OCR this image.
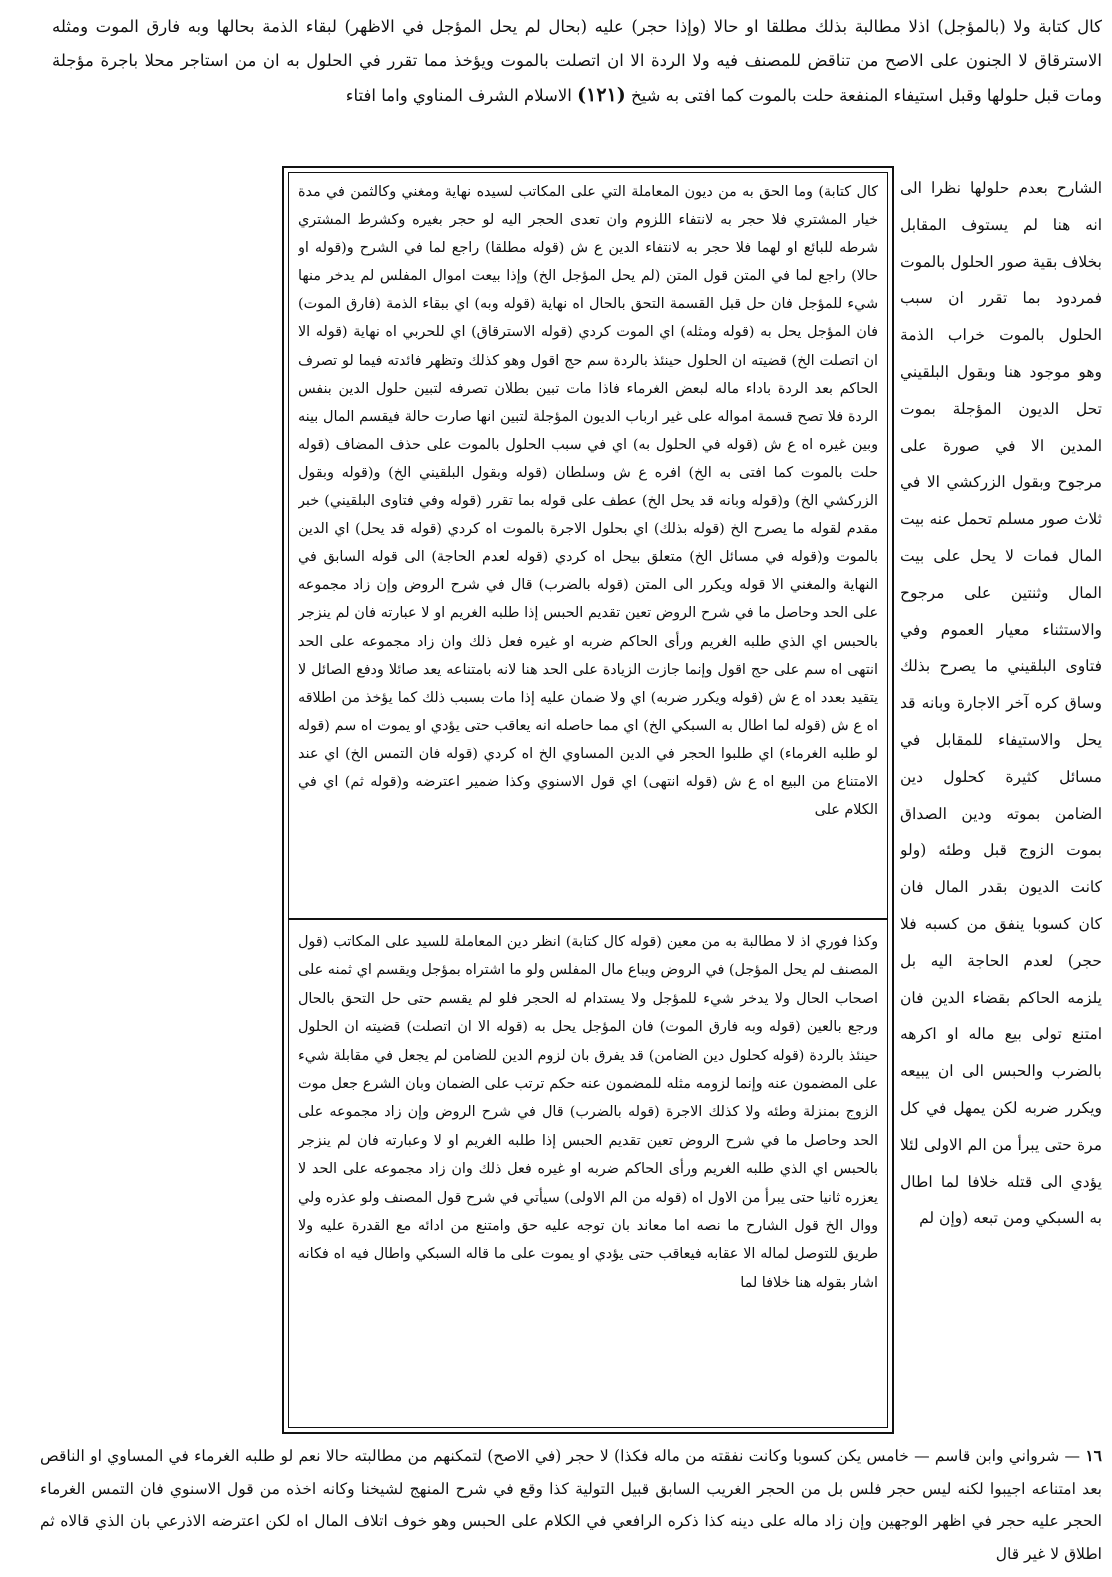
كال كتابة ولا (بالمؤجل) اذلا مطالبة بذلك مطلقا او حالا (وإذا حجر) عليه (بحال لم يحل المؤجل في الاظهر) لبقاء الذمة بحالها وبه فارق الموت ومثله الاسترقاق لا الجنون على الاصح من تناقض للمصنف فيه ولا الردة الا ان اتصلت بالموت ويؤخذ مما تقرر في الحلول به ان من استاجر محلا باجرة مؤجلة ومات قبل حلولها وقبل استيفاء المنفعة حلت بالموت كما افتى به شيخ (١٢١) الاسلام الشرف المناوي واما افتاء

الشارح بعدم حلولها نظرا الى انه هنا لم يستوف المقابل بخلاف بقية صور الحلول بالموت فمردود بما تقرر ان سبب الحلول بالموت خراب الذمة وهو موجود هنا وبقول البلقيني تحل الديون المؤجلة بموت المدين الا في صورة على مرجوح وبقول الزركشي الا في ثلاث صور مسلم تحمل عنه بيت المال فمات لا يحل على بيت المال وثنتين على مرجوح والاستثناء معيار العموم وفي فتاوى البلقيني ما يصرح بذلك وساق كره آخر الاجارة وبانه قد يحل والاستيفاء للمقابل في مسائل كثيرة كحلول دين الضامن بموته ودين الصداق بموت الزوج قبل وطئه (ولو كانت الديون بقدر المال فان كان كسوبا ينفق من كسبه فلا حجر) لعدم الحاجة اليه بل يلزمه الحاكم بقضاء الدين فان امتنع تولى بيع ماله او اكرهه بالضرب والحبس الى ان يبيعه ويكرر ضربه لكن يمهل في كل مرة حتى يبرأ من الم الاولى لئلا يؤدي الى قتله خلافا لما اطال به السبكي ومن تبعه (وإن لم

كال كتابة) وما الحق به من ديون المعاملة التي على المكاتب لسيده نهاية ومغني وكالثمن في مدة خيار المشتري فلا حجر به لانتفاء اللزوم وان تعدى الحجر اليه لو حجر بغيره وكشرط المشتري شرطه للبائع او لهما فلا حجر به لانتفاء الدين ع ش (قوله مطلقا) راجع لما في الشرح و(قوله او حالا) راجع لما في المتن قول المتن (لم يحل المؤجل الخ) وإذا بيعت اموال المفلس لم يدخر منها شيء للمؤجل فان حل قبل القسمة التحق بالحال اه نهاية (قوله وبه) اي ببقاء الذمة (فارق الموت) فان المؤجل يحل به (قوله ومثله) اي الموت كردي (قوله الاسترقاق) اي للحربي اه نهاية (قوله الا ان اتصلت الخ) قضيته ان الحلول حينئذ بالردة سم حج اقول وهو كذلك وتظهر فائدته فيما لو تصرف الحاكم بعد الردة باداء ماله لبعض الغرماء فاذا مات تبين بطلان تصرفه لتبين حلول الدين بنفس الردة فلا تصح قسمة امواله على غير ارباب الديون المؤجلة لتبين انها صارت حالة فيقسم المال بينه وبين غيره اه ع ش (قوله في الحلول به) اي في سبب الحلول بالموت على حذف المضاف (قوله حلت بالموت كما افتى به الخ) افره ع ش وسلطان (قوله وبقول البلقيني الخ) و(قوله وبقول الزركشي الخ) و(قوله وبانه قد يحل الخ) عطف على قوله بما تقرر (قوله وفي فتاوى البلقيني) خبر مقدم لقوله ما يصرح الخ (قوله بذلك) اي بحلول الاجرة بالموت اه كردي (قوله قد يحل) اي الدين بالموت و(قوله في مسائل الخ) متعلق بيحل اه كردي (قوله لعدم الحاجة) الى قوله السابق في النهاية والمغني الا قوله ويكرر الى المتن (قوله بالضرب) قال في شرح الروض وإن زاد مجموعه على الحد وحاصل ما في شرح الروض تعين تقديم الحبس إذا طلبه الغريم او لا عبارته فان لم ينزجر بالحبس اي الذي طلبه الغريم ورأى الحاكم ضربه او غيره فعل ذلك وان زاد مجموعه على الحد انتهى اه سم على حج اقول وإنما جازت الزيادة على الحد هنا لانه بامتناعه يعد صائلا ودفع الصائل لا يتقيد بعدد اه ع ش (قوله ويكرر ضربه) اي ولا ضمان عليه إذا مات بسبب ذلك كما يؤخذ من اطلاقه اه ع ش (قوله لما اطال به السبكي الخ) اي مما حاصله انه يعاقب حتى يؤدي او يموت اه سم (قوله لو طلبه الغرماء) اي طلبوا الحجر في الدين المساوي الخ اه كردي (قوله فان التمس الخ) اي عند الامتناع من البيع اه ع ش (قوله انتهى) اي قول الاسنوي وكذا ضمير اعترضه و(قوله ثم) اي في الكلام على

وكذا فوري اذ لا مطالبة به من معين (قوله كال كتابة) انظر دين المعاملة للسيد على المكاتب (قول المصنف لم يحل المؤجل) في الروض ويباع مال المفلس ولو ما اشتراه بمؤجل ويقسم اي ثمنه على اصحاب الحال ولا يدخر شيء للمؤجل ولا يستدام له الحجر فلو لم يقسم حتى حل التحق بالحال ورجع بالعين (قوله وبه فارق الموت) فان المؤجل يحل به (قوله الا ان اتصلت) قضيته ان الحلول حينئذ بالردة (قوله كحلول دين الضامن) قد يفرق بان لزوم الدين للضامن لم يجعل في مقابلة شيء على المضمون عنه وإنما لزومه مثله للمضمون عنه حكم ترتب على الضمان وبان الشرع جعل موت الزوج بمنزلة وطئه ولا كذلك الاجرة (قوله بالضرب) قال في شرح الروض وإن زاد مجموعه على الحد وحاصل ما في شرح الروض تعين تقديم الحبس إذا طلبه الغريم او لا وعبارته فان لم ينزجر بالحبس اي الذي طلبه الغريم ورأى الحاكم ضربه او غيره فعل ذلك وان زاد مجموعه على الحد لا يعزره ثانيا حتى يبرأ من الاول اه (قوله من الم الاولى) سيأتي في شرح قول المصنف ولو عذره ولي ووال الخ قول الشارح ما نصه اما معاند بان توجه عليه حق وامتنع من ادائه مع القدرة عليه ولا طريق للتوصل لماله الا عقابه فيعاقب حتى يؤدي او يموت على ما قاله السبكي واطال فيه اه فكانه اشار بقوله هنا خلافا لما

١٦ — شرواني وابن قاسم — خامس يكن كسوبا وكانت نفقته من ماله فكذا) لا حجر (في الاصح) لتمكنهم من مطالبته حالا نعم لو طلبه الغرماء في المساوي او الناقص بعد امتناعه اجيبوا لكنه ليس حجر فلس بل من الحجر الغريب السابق قبيل التولية كذا وقع في شرح المنهج لشيخنا وكانه اخذه من قول الاسنوي فان التمس الغرماء الحجر عليه حجر في اظهر الوجهين وإن زاد ماله على دينه كذا ذكره الرافعي في الكلام على الحبس وهو خوف اتلاف المال اه لكن اعترضه الاذرعي بان الذي قالاه ثم اطلاق لا غير قال
